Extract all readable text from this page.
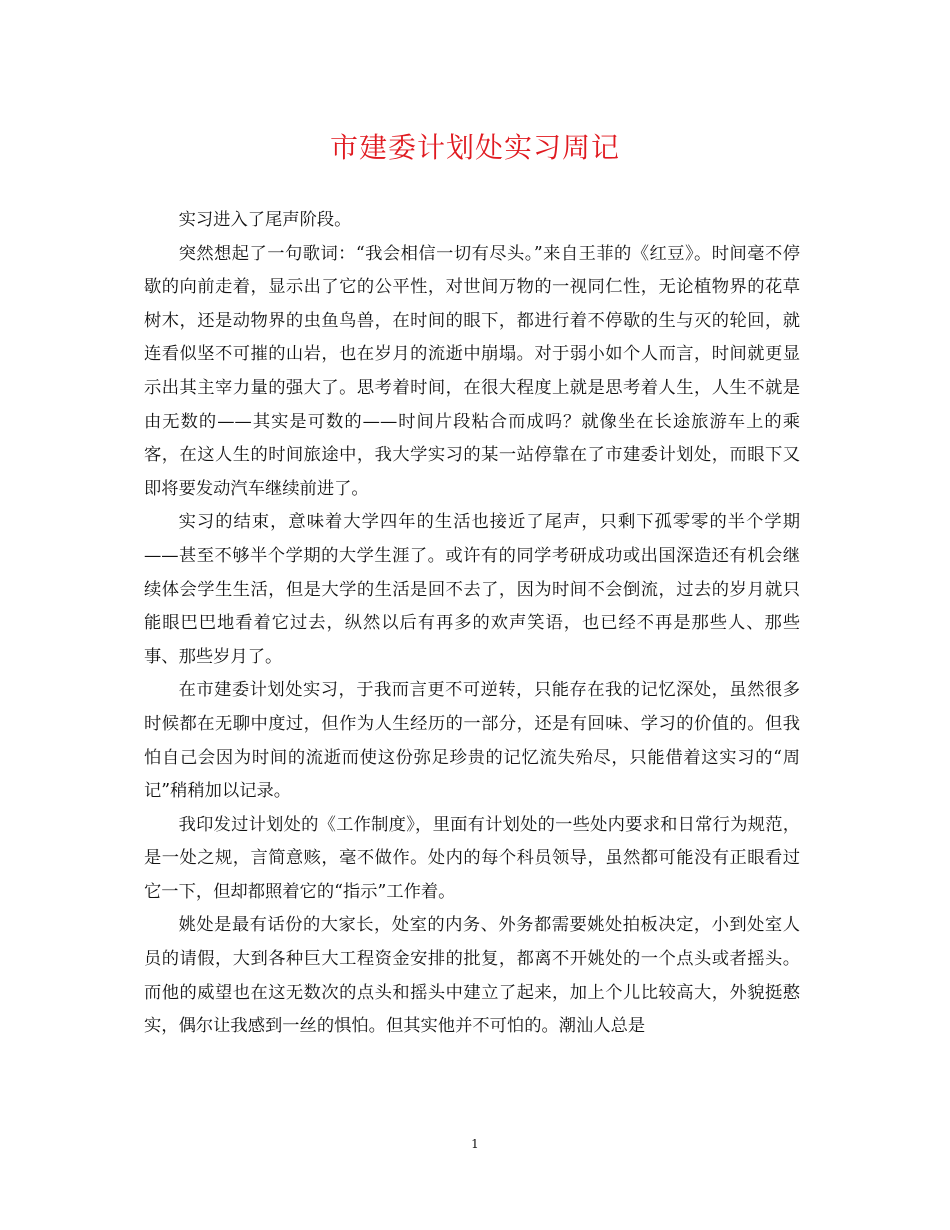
市建委计划处实习周记

实习进入了尾声阶段。

突然想起了一句歌词：“我会相信一切有尽头。”来自王菲的《红豆》。时间毫不停歇的向前走着，显示出了它的公平性，对世间万物的一视同仁性，无论植物界的花草树木，还是动物界的虫鱼鸟兽，在时间的眼下，都进行着不停歇的生与灭的轮回，就连看似坚不可摧的山岩，也在岁月的流逝中崩塌。对于弱小如个人而言，时间就更显示出其主宰力量的强大了。思考着时间，在很大程度上就是思考着人生，人生不就是由无数的——其实是可数的——时间片段粘合而成吗？就像坐在长途旅游车上的乘客，在这人生的时间旅途中，我大学实习的某一站停靠在了市建委计划处，而眼下又即将要发动汽车继续前进了。

实习的结束，意味着大学四年的生活也接近了尾声，只剩下孤零零的半个学期——甚至不够半个学期的大学生涯了。或许有的同学考研成功或出国深造还有机会继续体会学生生活，但是大学的生活是回不去了，因为时间不会倒流，过去的岁月就只能眼巴巴地看着它过去，纵然以后有再多的欢声笑语，也已经不再是那些人、那些事、那些岁月了。

在市建委计划处实习，于我而言更不可逆转，只能存在我的记忆深处，虽然很多时候都在无聊中度过，但作为人生经历的一部分，还是有回味、学习的价值的。但我怕自己会因为时间的流逝而使这份弥足珍贵的记忆流失殆尽，只能借着这实习的“周记”稍稍加以记录。

我印发过计划处的《工作制度》，里面有计划处的一些处内要求和日常行为规范，是一处之规，言简意赅，毫不做作。处内的每个科员领导，虽然都可能没有正眼看过它一下，但却都照着它的“指示”工作着。

姚处是最有话份的大家长，处室的内务、外务都需要姚处拍板决定，小到处室人员的请假，大到各种巨大工程资金安排的批复，都离不开姚处的一个点头或者摇头。而他的威望也在这无数次的点头和摇头中建立了起来，加上个儿比较高大，外貌挺憨实，偶尔让我感到一丝的惧怕。但其实他并不可怕的。潮汕人总是

1
